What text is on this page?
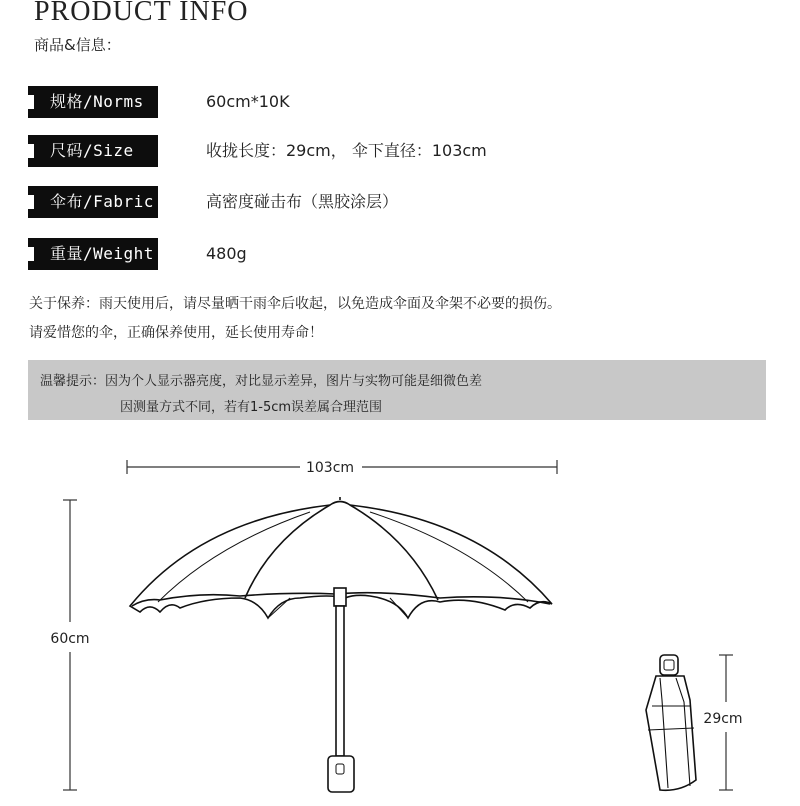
PRODUCT INFO
商品&信息：
规格/Norms	60cm*10K
尺码/Size	收拢长度：29cm， 伞下直径：103cm
伞布/Fabric	高密度碰击布（黑胶涂层）
重量/Weight	480g
关于保养：雨天使用后，请尽量晒干雨伞后收起，以免造成伞面及伞架不必要的损伤。
请爱惜您的伞，正确保养使用，延长使用寿命！
温馨提示：因为个人显示器亮度，对比显示差异，图片与实物可能是细微色差
因测量方式不同，若有1-5cm误差属合理范围
103cm
60cm
29cm
